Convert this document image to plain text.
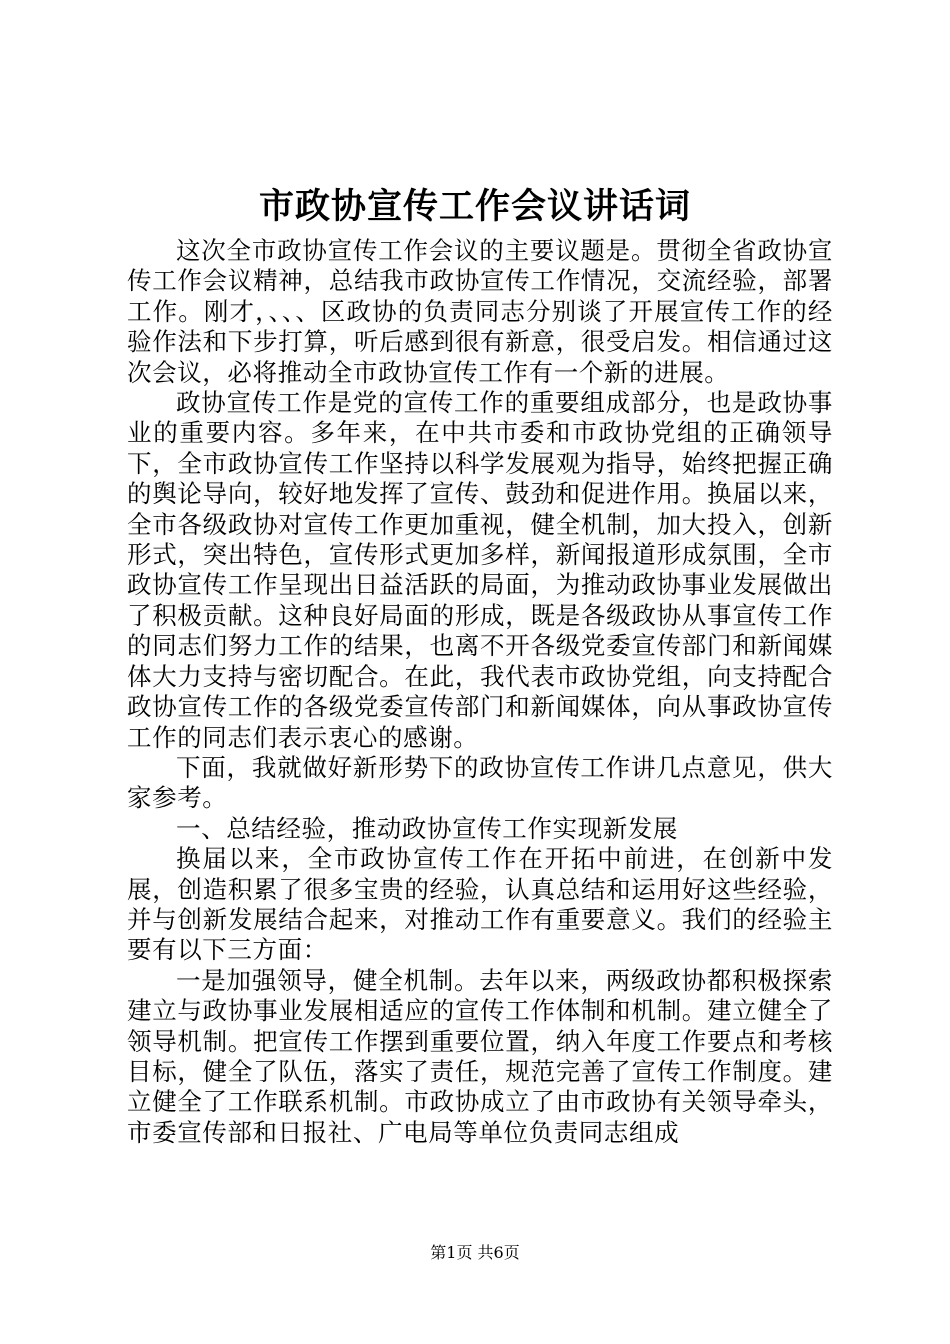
市政协宣传工作会议讲话词

这次全市政协宣传工作会议的主要议题是。贯彻全省政协宣传工作会议精神，总结我市政协宣传工作情况，交流经验，部署工作。刚才，、、、区政协的负责同志分别谈了开展宣传工作的经验作法和下步打算，听后感到很有新意，很受启发。相信通过这次会议，必将推动全市政协宣传工作有一个新的进展。

政协宣传工作是党的宣传工作的重要组成部分，也是政协事业的重要内容。多年来，在中共市委和市政协党组的正确领导下，全市政协宣传工作坚持以科学发展观为指导，始终把握正确的舆论导向，较好地发挥了宣传、鼓劲和促进作用。换届以来，全市各级政协对宣传工作更加重视，健全机制，加大投入，创新形式，突出特色，宣传形式更加多样，新闻报道形成氛围，全市政协宣传工作呈现出日益活跃的局面，为推动政协事业发展做出了积极贡献。这种良好局面的形成，既是各级政协从事宣传工作的同志们努力工作的结果，也离不开各级党委宣传部门和新闻媒体大力支持与密切配合。在此，我代表市政协党组，向支持配合政协宣传工作的各级党委宣传部门和新闻媒体，向从事政协宣传工作的同志们表示衷心的感谢。

下面，我就做好新形势下的政协宣传工作讲几点意见，供大家参考。

一、总结经验，推动政协宣传工作实现新发展

换届以来，全市政协宣传工作在开拓中前进，在创新中发展，创造积累了很多宝贵的经验，认真总结和运用好这些经验，并与创新发展结合起来，对推动工作有重要意义。我们的经验主要有以下三方面：

一是加强领导，健全机制。去年以来，两级政协都积极探索建立与政协事业发展相适应的宣传工作体制和机制。建立健全了领导机制。把宣传工作摆到重要位置，纳入年度工作要点和考核目标，健全了队伍，落实了责任，规范完善了宣传工作制度。建立健全了工作联系机制。市政协成立了由市政协有关领导牵头，市委宣传部和日报社、广电局等单位负责同志组成

第1页 共6页
